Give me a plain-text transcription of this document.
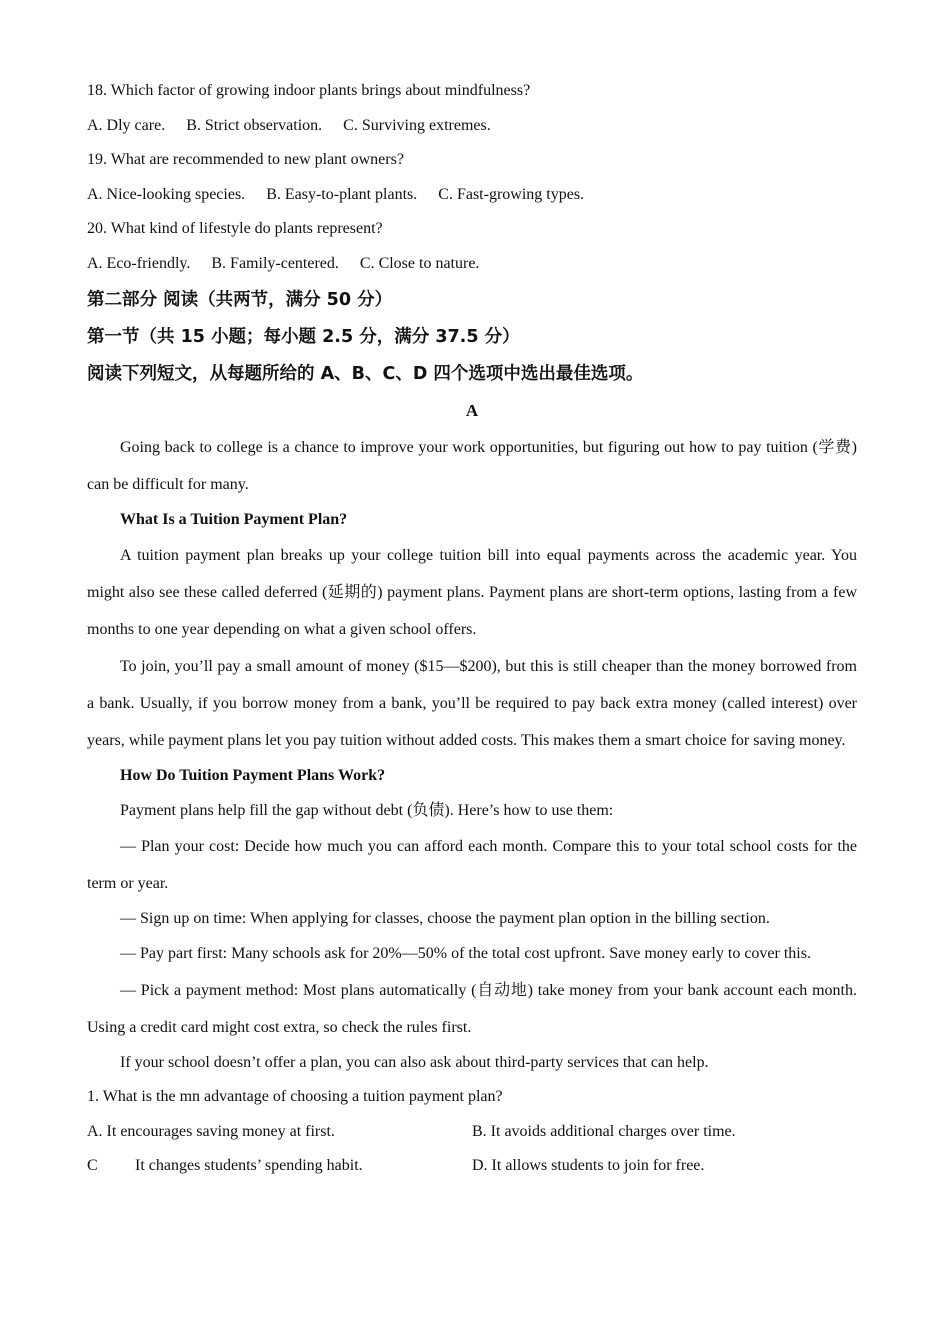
18. Which factor of growing indoor plants brings about mindfulness?

A. Dly care. B. Strict observation. C. Surviving extremes.

19. What are recommended to new plant owners?

A. Nice-looking species. B. Easy-to-plant plants. C. Fast-growing types.

20. What kind of lifestyle do plants represent?

A. Eco-friendly. B. Family-centered. C. Close to nature.

第二部分 阅读（共两节，满分 50 分）

第一节（共 15 小题；每小题 2.5 分，满分 37.5 分）

阅读下列短文，从每题所给的 A、B、C、D 四个选项中选出最佳选项。

A

Going back to college is a chance to improve your work opportunities, but figuring out how to pay tuition (学费) can be difficult for many.

What Is a Tuition Payment Plan?

A tuition payment plan breaks up your college tuition bill into equal payments across the academic year. You might also see these called deferred (延期的) payment plans. Payment plans are short-term options, lasting from a few months to one year depending on what a given school offers.

To join, you’ll pay a small amount of money ($15—$200), but this is still cheaper than the money borrowed from a bank. Usually, if you borrow money from a bank, you’ll be required to pay back extra money (called interest) over years, while payment plans let you pay tuition without added costs. This makes them a smart choice for saving money.

How Do Tuition Payment Plans Work?

Payment plans help fill the gap without debt (负债). Here’s how to use them:

— Plan your cost: Decide how much you can afford each month. Compare this to your total school costs for the term or year.

— Sign up on time: When applying for classes, choose the payment plan option in the billing section.

— Pay part first: Many schools ask for 20%—50% of the total cost upfront. Save money early to cover this.

— Pick a payment method: Most plans automatically (自动地) take money from your bank account each month. Using a credit card might cost extra, so check the rules first.

If your school doesn’t offer a plan, you can also ask about third-party services that can help.

1. What is the mn advantage of choosing a tuition payment plan?

A. It encourages saving money at first.	B. It avoids additional charges over time.
C It changes students’ spending habit.	D. It allows students to join for free.
